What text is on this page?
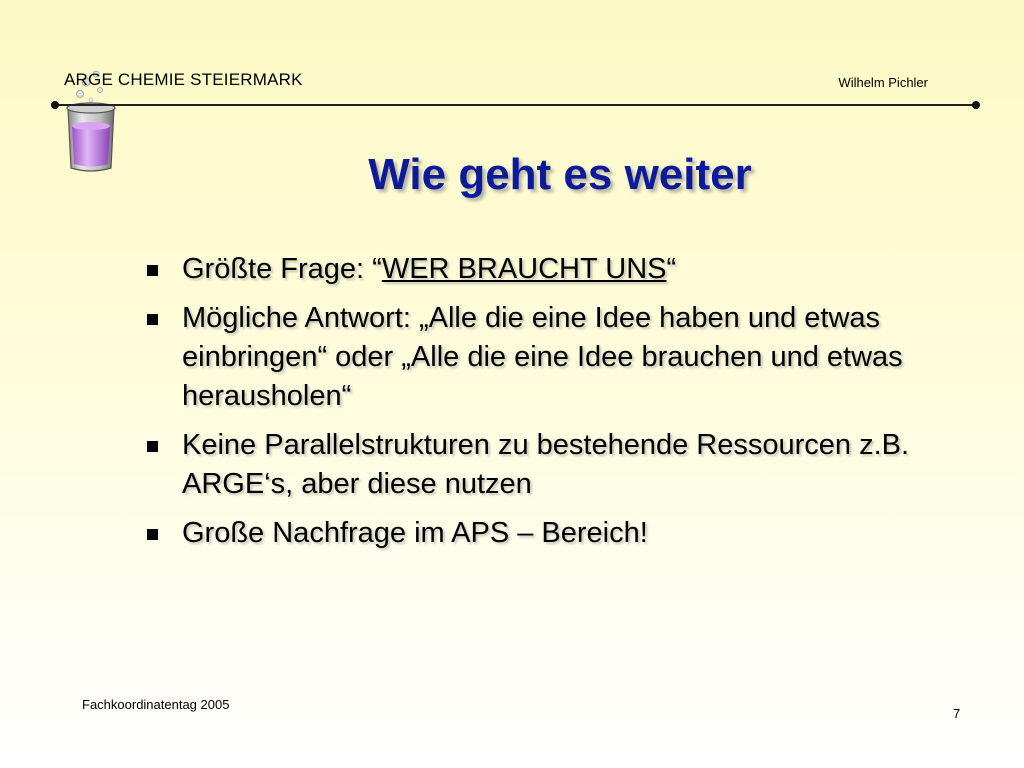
ARGE CHEMIE STEIERMARK	Wilhelm Pichler
Wie geht es weiter
Größte Frage: “WER BRAUCHT UNS“
Mögliche Antwort: „Alle die eine Idee haben und etwas einbringen“ oder „Alle die eine Idee brauchen und etwas herausholen“
Keine Parallelstrukturen zu bestehende Ressourcen z.B. ARGE‘s, aber diese nutzen
Große Nachfrage im APS – Bereich!
Fachkoordinatentag 2005
7
